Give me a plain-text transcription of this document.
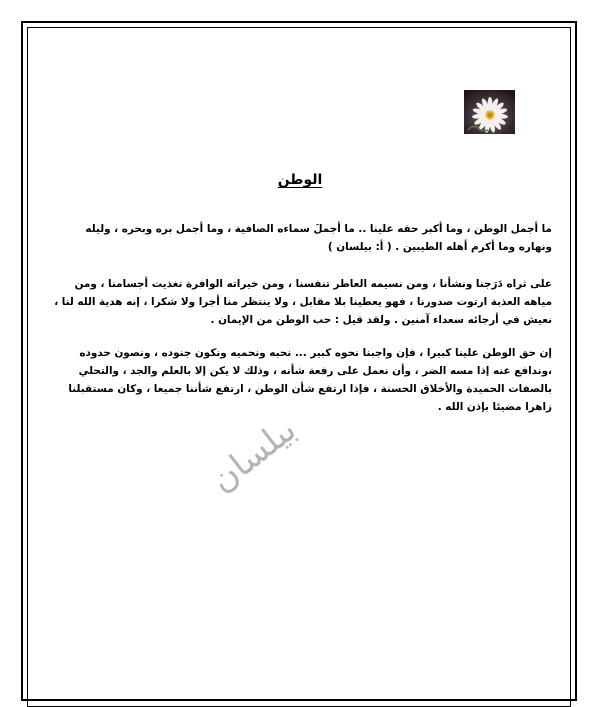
الوطن

ما أجمل الوطن ، وما أكبر حقه علينا .. ما أجملَ سماءه الصافية ، وما أجمل بره وبحره ، وليله ونهاره وما أكرم أهله الطيبين . ( أ: بيلسان )

على ثراه دَرَجنا ونشأنا ، ومن نسيمه العاطر تنفسنا ، ومن خيراته الوافرة تغذيت أجسامنا ، ومن مياهه العذبة ارتوت صدورنا ، فهو يعطينا بلا مقابل ، ولا ينتظر منا أجرا ولا شكرا ، إنه هدية الله لنا ، نعيش في أرجائه سعداء آمنين . ولقد قيل : حب الوطن من الإيمان .

إن حق الوطن علينا كبيرا ، فإن واجبنا نحوه كبير ... نحبه ونحميه ونكون جنوده ، ونصون حدوده ،وندافع عنه إذا مسه الضر ، وأن نعمل على رفعة شأنه ، وذلك لا يكن إلا بالعلم والجد ، والتحلي بالصفات الحميدة والأخلاق الحسنة ، فإذا ارتفع شأن الوطن ، ارتفع شأننا جميعا ، وكان مستقبلنا زاهرا مضيئا بإذن الله .

بيلسان
